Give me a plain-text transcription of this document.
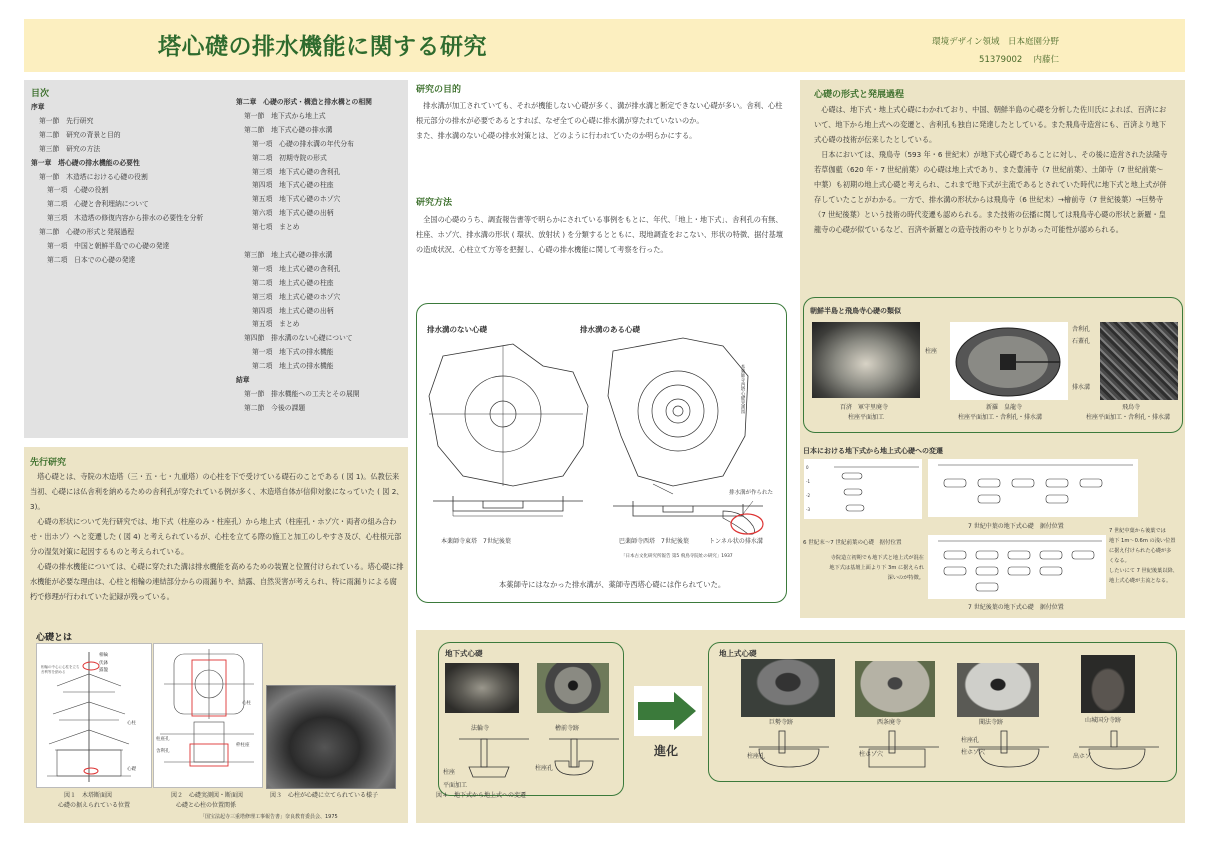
塔心礎の排水機能に関する研究	環境デザイン領域　日本庭園分野
51379002　 内藤仁
目次
序章
第一節　先行研究
第二節　研究の背景と目的
第三節　研究の方法
第一章　塔心礎の排水機能の必要性
第一節　木造塔における心礎の役割
第一項　心礎の役割
第二項　心礎と舎利埋納について
第三項　木造塔の修復内容から排水の必要性を分析
第二節　心礎の形式と発展過程
第一項　中国と朝鮮半島での心礎の発達
第二項　日本での心礎の発達
第二章　心礎の形式・構造と排水構との相関
第一節　地下式から地上式
第二節　地下式心礎の排水溝
第一項　心礎の排水溝の年代分布
第二項　初期寺院の形式
第三項　地下式心礎の舎利孔
第四項　地下式心礎の柱座
第五項　地下式心礎のホゾ穴
第六項　地下式心礎の出柄
第七項　まとめ
第三節　地上式心礎の排水溝
第一項　地上式心礎の舎利孔
第二項　地上式心礎の柱座
第三項　地上式心礎のホゾ穴
第四項　地上式心礎の出柄
第五項　まとめ
第四節　排水溝のない心礎について
第一項　地下式の排水機能
第二項　地上式の排水機能
結章
第一節　排水機能への工夫とその展開
第二節　今後の課題
研究の目的

排水溝が加工されていても、それが機能しない心礎が多く、溝が排水溝と断定できない心礎が多い。舎利、心柱根元部分の排水が必要であるとすれば、なぜ全ての心礎に排水溝が穿たれていないのか。

また、排水溝のない心礎の排水対策とは、どのように行われていたのか明らかにする。

研究方法

全国の心礎のうち、調査報告書等で明らかにされている事例をもとに、年代、「地上・地下式」、舎利孔の有無、柱座、ホゾ穴、排水溝の形状 ( 環状、放射状 ) を分類するとともに、現地調査をおこない、形状の特徴、据付基壇の造成状況、心柱立て方等を把握し、心礎の排水機能に関して考察を行った。

先行研究

塔心礎とは、寺院の木造塔（三・五・七・九重塔）の心柱を下で受けている礎石のことである ( 図 1)。仏教伝来当初、心礎には仏舎利を納めるための舎利孔が穿たれている例が多く、木造塔自体が信仰対象になっていた ( 図 2、3)。

心礎の形状について先行研究では、地下式（柱座のみ・柱座孔）から地上式（柱座孔・ホゾ穴・両者の組み合わせ・出ホゾ）へと変遷した ( 図 4) と考えられているが、心柱を立てる際の施工と加工のしやすさ及び、心柱根元部分の湿気対策に起因するものと考えられている。

心礎の排水機能については、心礎に穿たれた溝は排水機能を高めるための装置と位置付けられている。塔心礎に排水機能が必要な理由は、心柱と相輪の連結部分からの雨漏りや、結露、自然災害が考えられ、特に雨漏りによる腐朽で修理が行われていた記録が残っている。

心礎とは
相輪
伏鉢
露盤
心柱
心礎
相輪の中心に心柱を立ち
舎利等を納める
柱座孔
舎利孔
心柱
枠柱座
図１　木塔断面図
心礎の据えられている位置
図２　心礎実測図・断面図
心礎と心柱の位置関係
図３　心柱が心礎に立てられている様子
「国宝法起寺三重塔修理工事報告書」奈良教育委員会、1975
排水溝のない心礎	排水溝のある心礎
本薬師寺西塔心礎実測図
排水溝が作られた
本薬師寺東塔　7世紀後葉	巴薬師寺西塔　7世紀後葉	トンネル状の排水溝
「日本古文化研究所報告 第5 飛鳥寺院址の研究」1937
本薬師寺にはなかった排水溝が、薬師寺西塔心礎には作られていた。
心礎の形式と発展過程

心礎は、地下式・地上式心礎にわかれており、中国、朝鮮半島の心礎を分析した佐川氏によれば、百済において、地下から地上式への変遷と、舎利孔も独自に発達したとしている。また飛鳥寺造営にも、百済より地下式心礎の技術が伝来したとしている。

日本においては、飛鳥寺（593 年・6 世紀末）が地下式心礎であることに対し、その後に造営された法隆寺若草伽藍（620 年・7 世紀前葉）の心礎は地上式であり、また豊浦寺（7 世紀前葉）、土師寺（7 世紀前葉〜中葉）も初期の地上式心礎と考えられ、これまで地下式が主流であるとされていた時代に地下式と地上式が併存していたことがわかる。一方で、排水溝の形状からは飛鳥寺（6 世紀末）→檜前寺（7 世紀後葉）→巨勢寺（7 世紀後葉）という技術の時代変遷も認められる。また技術の伝播に関しては飛鳥寺心礎の形状と新羅・皇龍寺の心礎が似ているなど、百済や新羅との造寺技術のやりとりがあった可能性が認められる。

朝鮮半島と飛鳥寺心礎の類似
柱座
舎利孔
石蓋孔
排水溝
百済　軍守里廃寺
柱座平面加工
新羅　皇龍寺
柱座平面加工・舎利孔・排水溝
飛鳥寺
柱座平面加工・舎利孔・排水溝
日本における地下式から地上式心礎への変遷
0
-1
-2
-3
7 世紀中葉の地下式心礎　据付位置
6 世紀末〜7 世紀前葉の心礎　据付位置
寺院造立初期でも地下式と地上式が混在
地下式は基壇上面より下 3m に据えられ
深いのが特徴。
7 世紀後葉の地下式心礎　据付位置
7 世紀中葉から後葉では
地下 1m〜0.6m の浅い位置
に据え付けられた心礎が多
くなる。
したいにて 7 世紀後葉以降、
地上式心礎が主流となる。
地下式心礎
法輪寺	檜前寺跡
柱座
平面加工
柱座孔
進化
地上式心礎
巨勢寺跡	西条廃寺	聞法寺跡	山城国分寺跡
柱座孔	柱ホゾ穴
柱座孔
柱ホゾ穴
出ホゾ
図４　地下式から地上式への変遷
